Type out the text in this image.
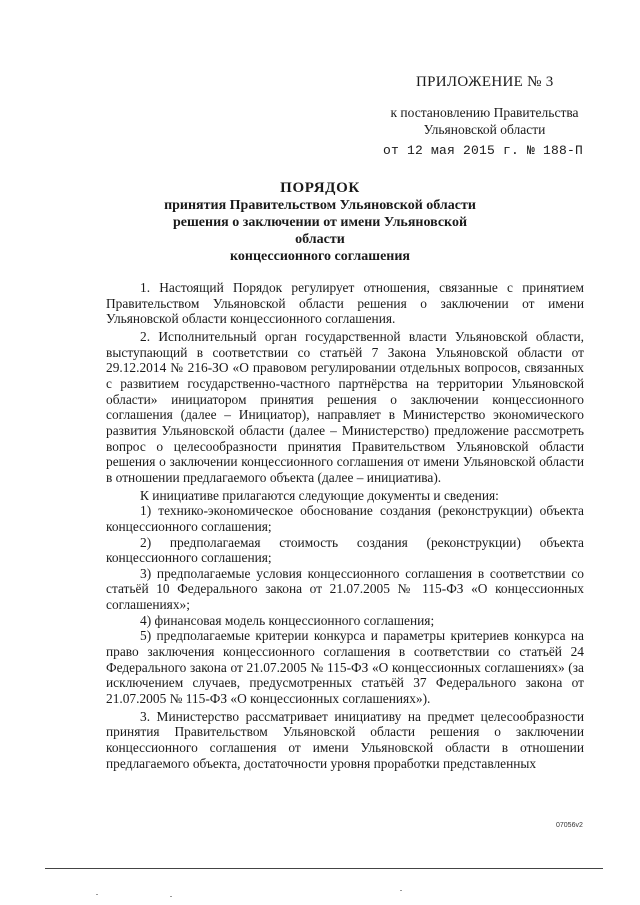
ПРИЛОЖЕНИЕ № 3
к постановлению Правительства
Ульяновской области
от 12 мая 2015 г. № 188-П
ПОРЯДОК
принятия Правительством Ульяновской области
решения о заключении от имени Ульяновской области
концессионного соглашения

1. Настоящий Порядок регулирует отношения, связанные с принятием Правительством Ульяновской области решения о заключении от имени Ульяновской области концессионного соглашения.

2. Исполнительный орган государственной власти Ульяновской области, выступающий в соответствии со статьёй 7 Закона Ульяновской области от 29.12.2014 № 216-ЗО «О правовом регулировании отдельных вопросов, связанных с развитием государственно-частного партнёрства на территории Ульяновской области» инициатором принятия решения о заключении концессионного соглашения (далее – Инициатор), направляет в Министерство экономического развития Ульяновской области (далее – Министерство) предложение рассмотреть вопрос о целесообразности принятия Правительством Ульяновской области решения о заключении концессионного соглашения от имени Ульяновской области в отношении предлагаемого объекта (далее – инициатива).

К инициативе прилагаются следующие документы и сведения:

1) технико-экономическое обоснование создания (реконструкции) объекта концессионного соглашения;

2) предполагаемая стоимость создания (реконструкции) объекта концессионного соглашения;

3) предполагаемые условия концессионного соглашения в соответствии со статьёй 10 Федерального закона от 21.07.2005 № 115-ФЗ «О концессионных соглашениях»;

4) финансовая модель концессионного соглашения;

5) предполагаемые критерии конкурса и параметры критериев конкурса на право заключения концессионного соглашения в соответствии со статьёй 24 Федерального закона от 21.07.2005 № 115-ФЗ «О концессионных соглашениях» (за исключением случаев, предусмотренных статьёй 37 Федерального закона от 21.07.2005 № 115-ФЗ «О концессионных соглашениях»).

3. Министерство рассматривает инициативу на предмет целесообразности принятия Правительством Ульяновской области решения о заключении концессионного соглашения от имени Ульяновской области в отношении предлагаемого объекта, достаточности уровня проработки представленных

07056v2
